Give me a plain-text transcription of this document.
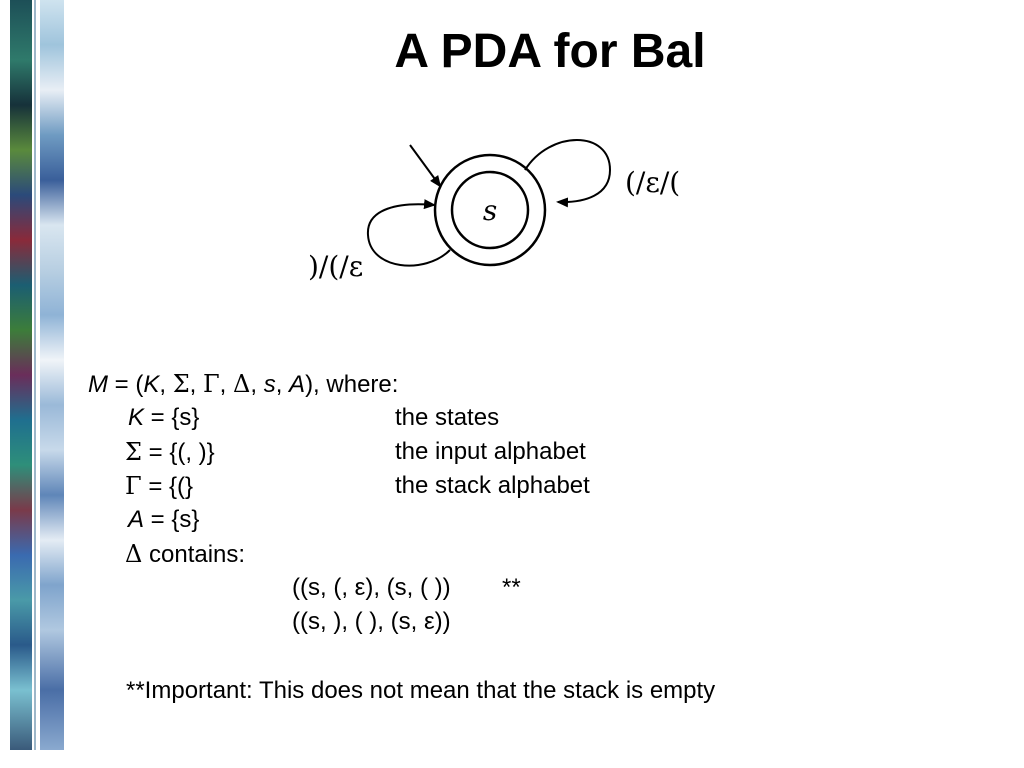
A PDA for Bal
s
(/ε/(
)/(/ε
M = (K, Σ, Γ, Δ, s, A), where:
K = {s}	the states
Σ = {(, )}	the input alphabet
Γ = {(}	the stack alphabet
A = {s}
Δ contains:
((s, (, ε), (s, ( )) **
((s, ), ( ), (s, ε))
**Important: This does not mean that the stack is empty
